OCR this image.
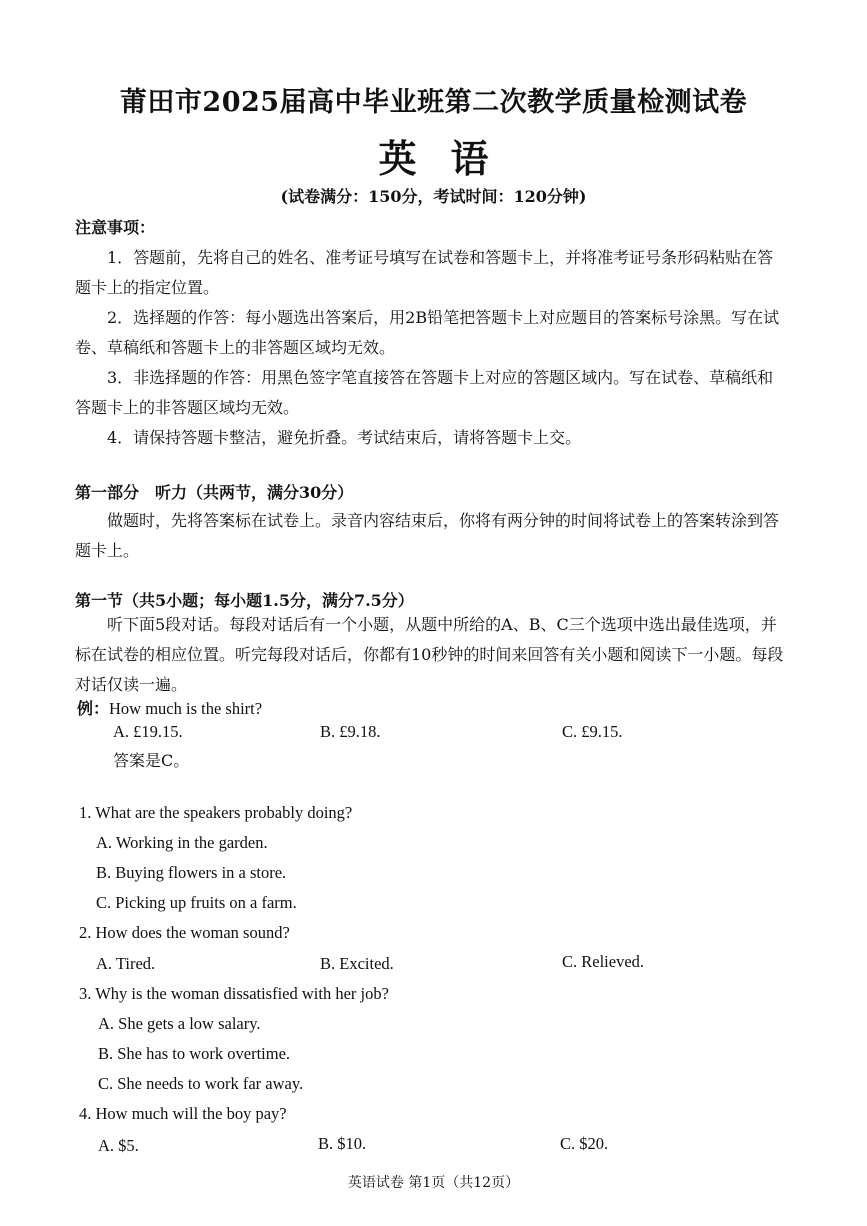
莆田市2025届高中毕业班第二次教学质量检测试卷
英语
(试卷满分：150分，考试时间：120分钟)
注意事项：
1．答题前，先将自己的姓名、准考证号填写在试卷和答题卡上，并将准考证号条形码粘贴在答题卡上的指定位置。
2．选择题的作答：每小题选出答案后，用2B铅笔把答题卡上对应题目的答案标号涂黑。写在试卷、草稿纸和答题卡上的非答题区域均无效。
3．非选择题的作答：用黑色签字笔直接答在答题卡上对应的答题区域内。写在试卷、草稿纸和答题卡上的非答题区域均无效。
4．请保持答题卡整洁，避免折叠。考试结束后，请将答题卡上交。
第一部分　听力（共两节，满分30分）
做题时，先将答案标在试卷上。录音内容结束后，你将有两分钟的时间将试卷上的答案转涂到答题卡上。
第一节（共5小题；每小题1.5分，满分7.5分）
听下面5段对话。每段对话后有一个小题，从题中所给的A、B、C三个选项中选出最佳选项，并标在试卷的相应位置。听完每段对话后，你都有10秒钟的时间来回答有关小题和阅读下一小题。每段对话仅读一遍。
例：How much is the shirt?
A. £19.15.	B. £9.18.	C. £9.15.
答案是C。
1. What are the speakers probably doing?
A. Working in the garden.
B. Buying flowers in a store.
C. Picking up fruits on a farm.
2. How does the woman sound?
A. Tired.	B. Excited.	C. Relieved.
3. Why is the woman dissatisfied with her job?
A. She gets a low salary.
B. She has to work overtime.
C. She needs to work far away.
4. How much will the boy pay?
A. $5.	B. $10.	C. $20.
英语试卷 第1页（共12页）
